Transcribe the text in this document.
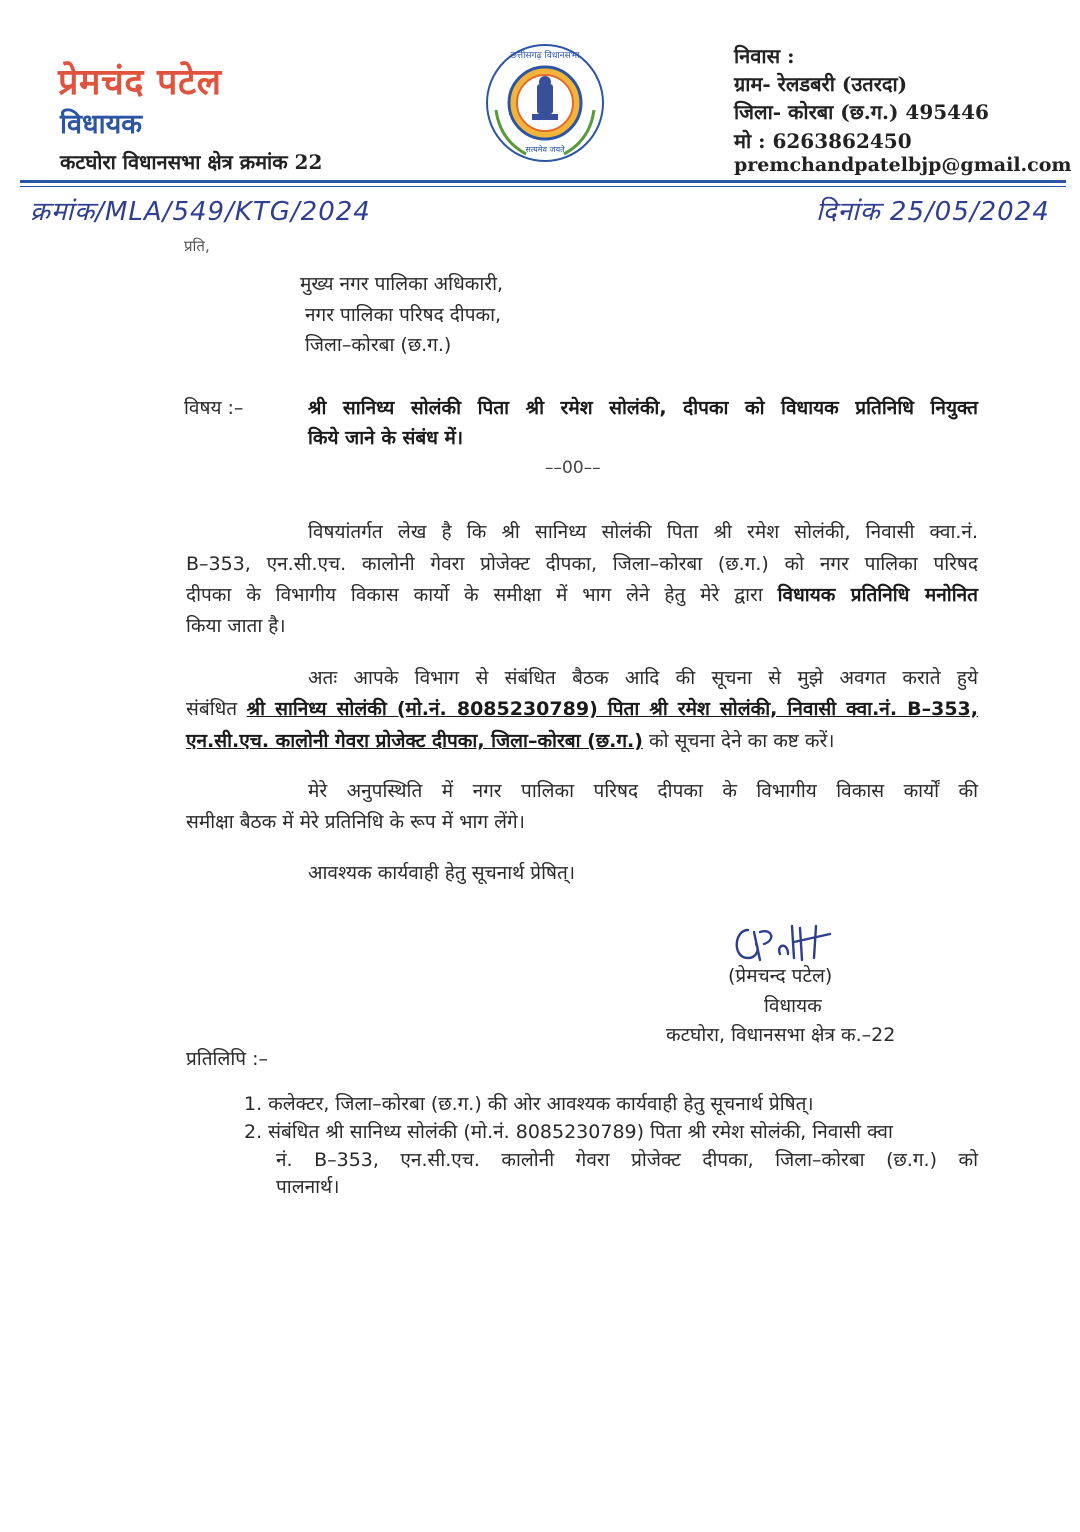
प्रेमचंद पटेल
विधायक
कटघोरा विधानसभा क्षेत्र क्रमांक 22
छत्तीसगढ़ विधानसभा
सत्यमेव जयते
निवास :
ग्राम- रेलडबरी (उतरदा)
जिला- कोरबा (छ.ग.) 495446
मो : 6263862450
premchandpatelbjp@gmail.com
क्रमांक/MLA/549/KTG/2024	दिनांक 25/05/2024
प्रति,
मुख्य नगर पालिका अधिकारी,
नगर पालिका परिषद दीपका,
जिला–कोरबा (छ.ग.)
विषय :–	श्री सानिध्य सोलंकी पिता श्री रमेश सोलंकी, दीपका को विधायक प्रतिनिधि नियुक्त
किये जाने के संबंध में।
––00––
विषयांतर्गत लेख है कि श्री सानिध्य सोलंकी पिता श्री रमेश सोलंकी, निवासी क्वा.नं.
B–353, एन.सी.एच. कालोनी गेवरा प्रोजेक्ट दीपका, जिला–कोरबा (छ.ग.) को नगर पालिका परिषद
दीपका के विभागीय विकास कार्यो के समीक्षा में भाग लेने हेतु मेरे द्वारा विधायक प्रतिनिधि मनोनित
किया जाता है।
अतः आपके विभाग से संबंधित बैठक आदि की सूचना से मुझे अवगत कराते हुये
संबंधित श्री सानिध्य सोलंकी (मो.नं. 8085230789) पिता श्री रमेश सोलंकी, निवासी क्वा.नं. B–353,
एन.सी.एच. कालोनी गेवरा प्रोजेक्ट दीपका, जिला–कोरबा (छ.ग.) को सूचना देने का कष्ट करें।
मेरे अनुपस्थिति में नगर पालिका परिषद दीपका के विभागीय विकास कार्यों की
समीक्षा बैठक में मेरे प्रतिनिधि के रूप में भाग लेंगे।
आवश्यक कार्यवाही हेतु सूचनार्थ प्रेषित्।
(प्रेमचन्द पटेल)
विधायक
कटघोरा, विधानसभा क्षेत्र क.–22
प्रतिलिपि :–
1. कलेक्टर, जिला–कोरबा (छ.ग.) की ओर आवश्यक कार्यवाही हेतु सूचनार्थ प्रेषित्।
2. संबंधित श्री सानिध्य सोलंकी (मो.नं. 8085230789) पिता श्री रमेश सोलंकी, निवासी क्वा
नं. B–353, एन.सी.एच. कालोनी गेवरा प्रोजेक्ट दीपका, जिला–कोरबा (छ.ग.) को
पालनार्थ।
